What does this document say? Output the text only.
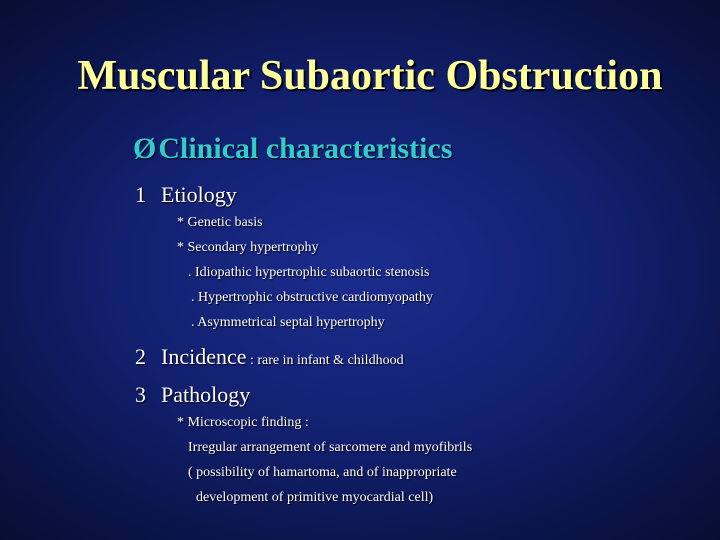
Muscular Subaortic Obstruction
ØClinical characteristics
1 Etiology
* Genetic basis
* Secondary hypertrophy
. Idiopathic hypertrophic subaortic stenosis
. Hypertrophic obstructive cardiomyopathy
. Asymmetrical septal hypertrophy
2 Incidence : rare in infant & childhood
3 Pathology
* Microscopic finding :
Irregular arrangement of sarcomere and myofibrils
( possibility of hamartoma, and of inappropriate
development of primitive myocardial cell)
